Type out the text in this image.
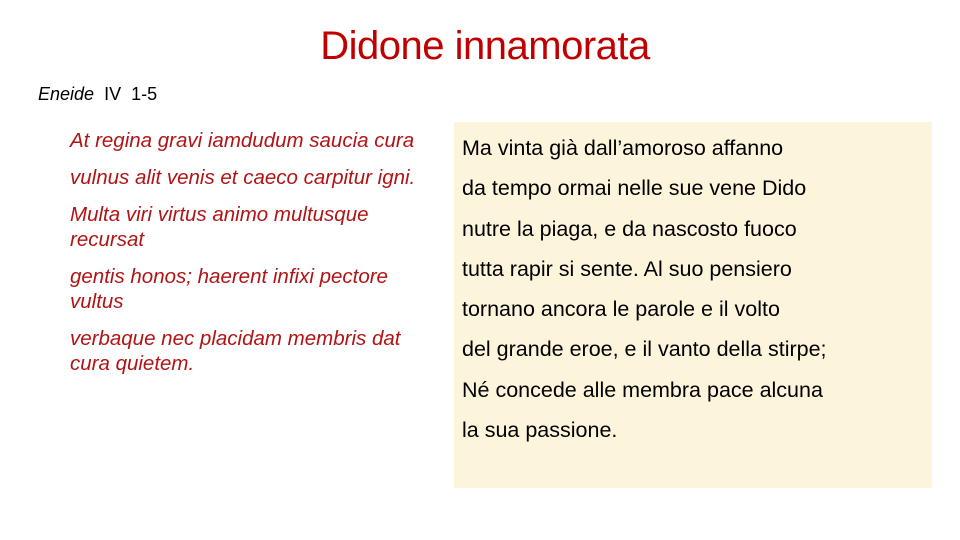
Didone innamorata
Eneide IV 1-5

At regina gravi iamdudum saucia cura

vulnus alit venis et caeco carpitur igni.

Multa viri virtus animo multusque recursat

gentis honos; haerent infixi pectore vultus

verbaque nec placidam membris dat cura quietem.

Ma vinta già dall’amoroso affanno
da tempo ormai nelle sue vene Dido
nutre la piaga, e da nascosto fuoco
tutta rapir si sente. Al suo pensiero
tornano ancora le parole e il volto
del grande eroe, e il vanto della stirpe;
Né concede alle membra pace alcuna
la sua passione.
